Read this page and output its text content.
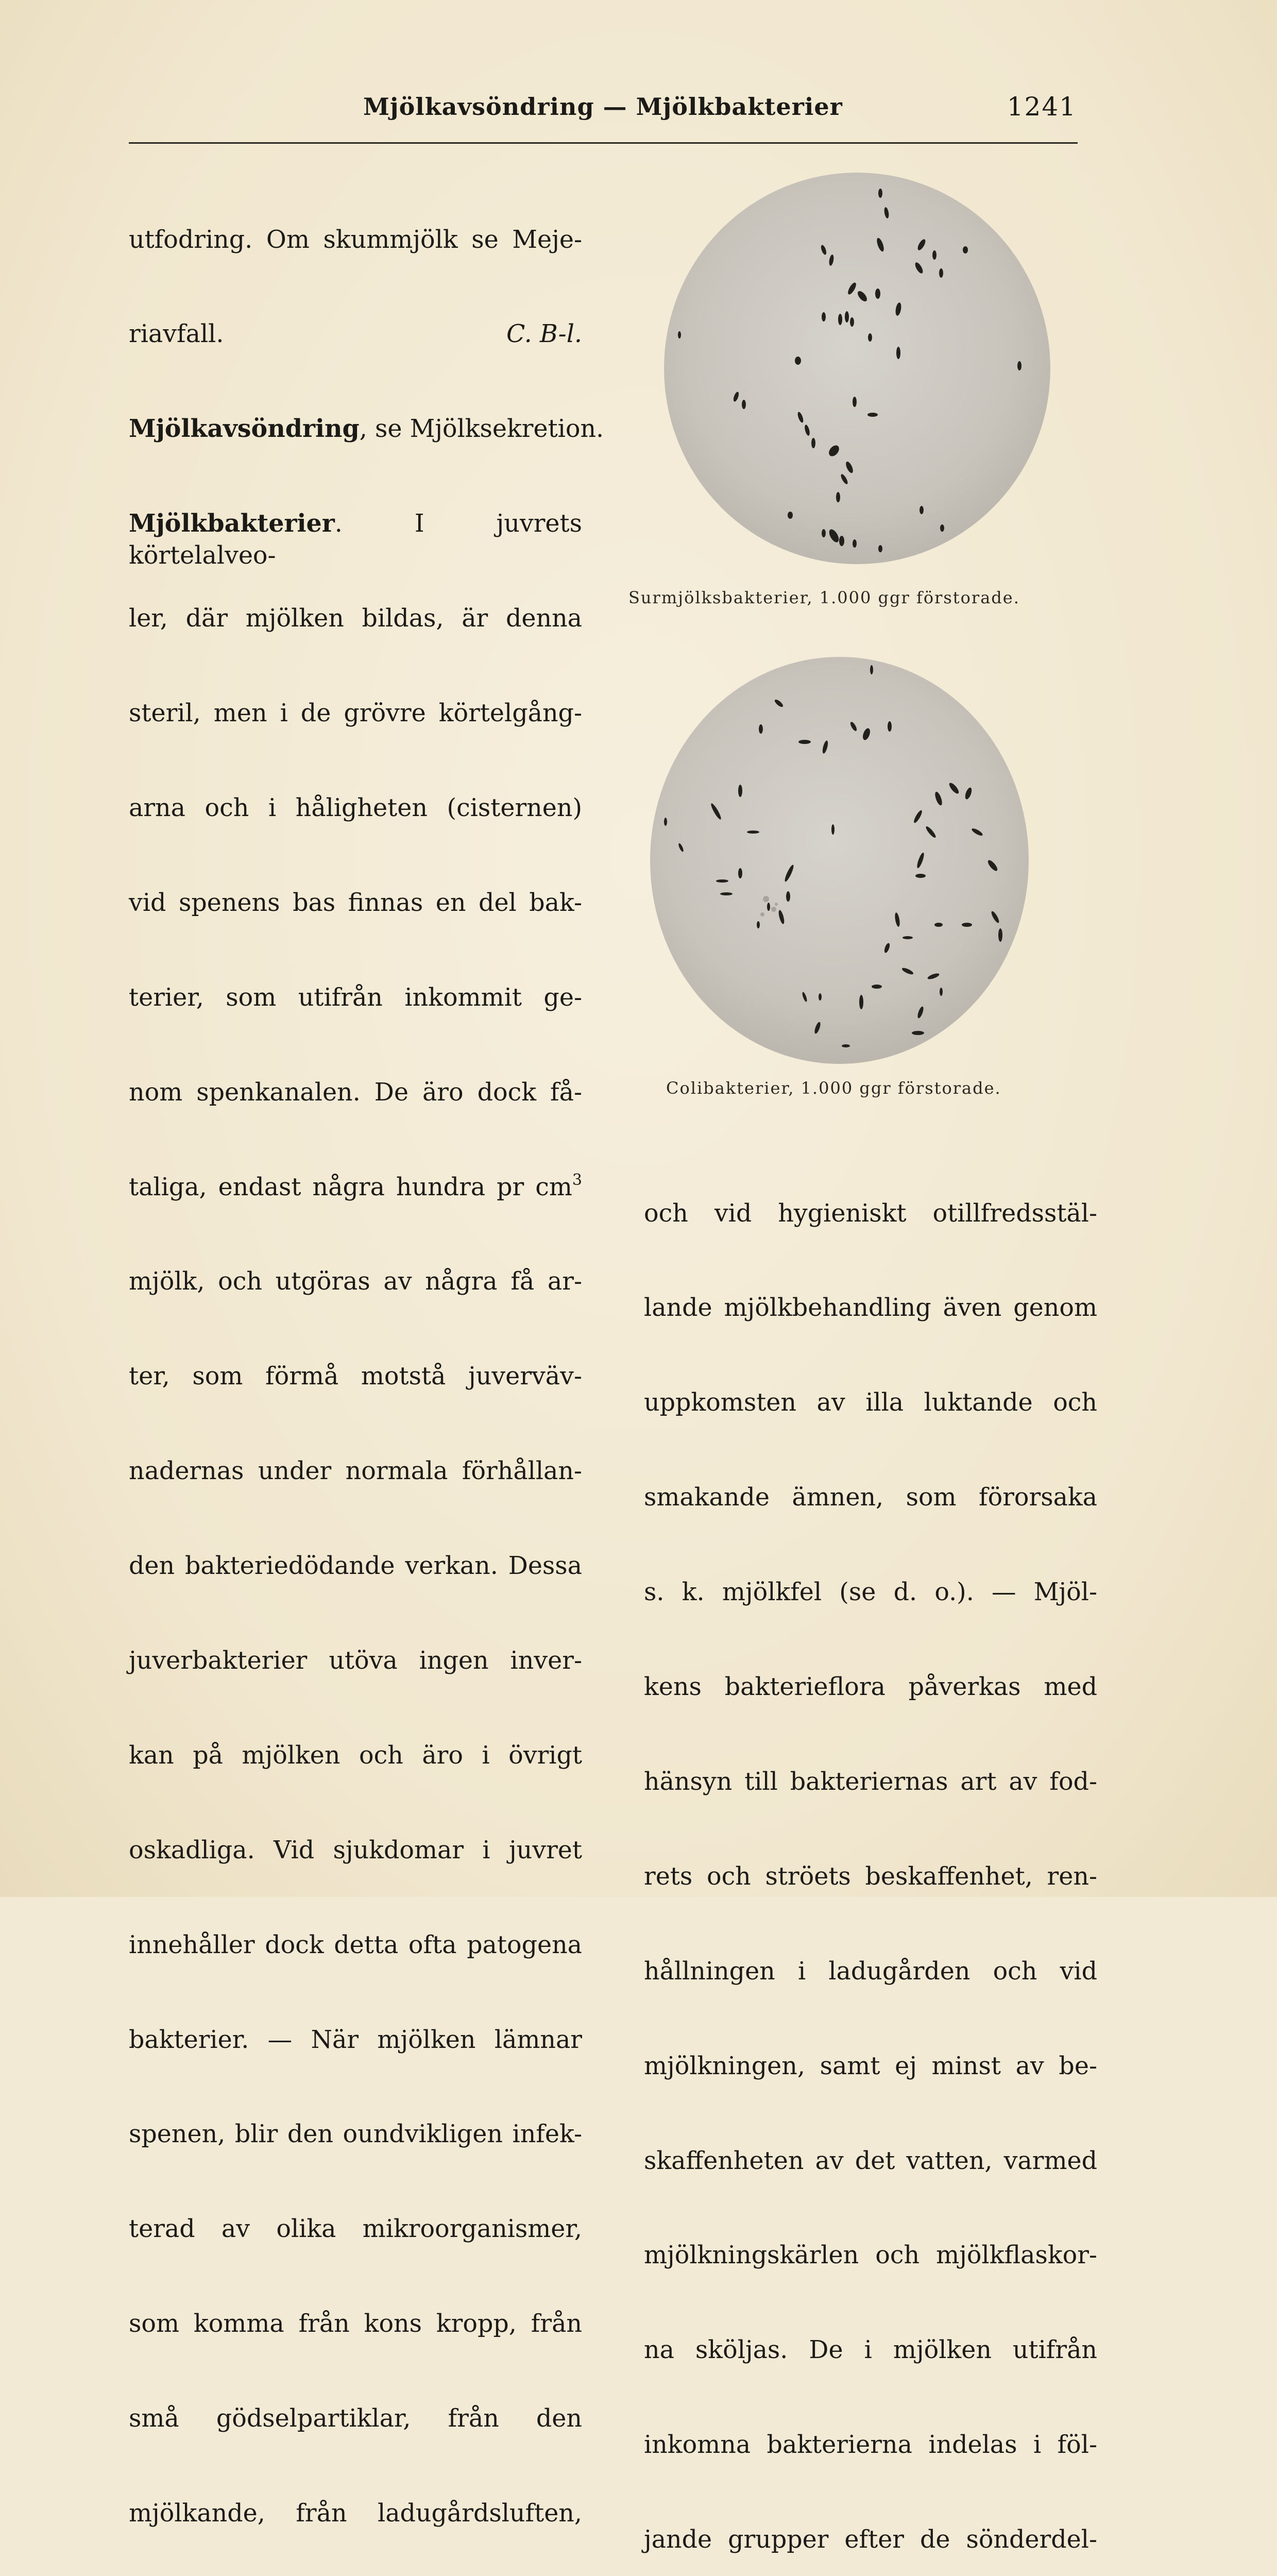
Mjölkavsöndring — Mjölkbakterier	1241

utfodring. Om skummjölk se Meje-

riavfall.	C. B-l.

Mjölkavsöndring, se Mjölksekretion.

Mjölkbakterier. I juvrets körtelalveo-

ler, där mjölken bildas, är denna

steril, men i de grövre körtelgång-

arna och i håligheten (cisternen)

vid spenens bas finnas en del bak-

terier, som utifrån inkommit ge-

nom spenkanalen. De äro dock få-

taliga, endast några hundra pr $cm^3$

mjölk, och utgöras av några få ar-

ter, som förmå motstå juverväv-

nadernas under normala förhållan-

den bakteriedödande verkan. Dessa

juverbakterier utöva ingen inver-

kan på mjölken och äro i övrigt

oskadliga. Vid sjukdomar i juvret

innehåller dock detta ofta patogena

bakterier. — När mjölken lämnar

spenen, blir den oundvikligen infek-

terad av olika mikroorganismer,

som komma från kons kropp, från

små gödselpartiklar, från den

mjölkande, från ladugårdsluften,

Surmjölksbakterier, 1.000 ggr förstorade.
Colibakterier, 1.000 ggr förstorade.

och vid hygieniskt otillfredsstäl-

lande mjölkbehandling även genom

uppkomsten av illa luktande och

smakande ämnen, som förorsaka

s. k. mjölkfel (se d. o.). — Mjöl-

kens bakterieflora påverkas med

hänsyn till bakteriernas art av fod-

rets och ströets beskaffenhet, ren-

hållningen i ladugården och vid

mjölkningen, samt ej minst av be-

skaffenheten av det vatten, varmed

mjölkningskärlen och mjölkflaskor-

na sköljas. De i mjölken utifrån

inkomna bakterierna indelas i föl-

jande grupper efter de sönderdel-
